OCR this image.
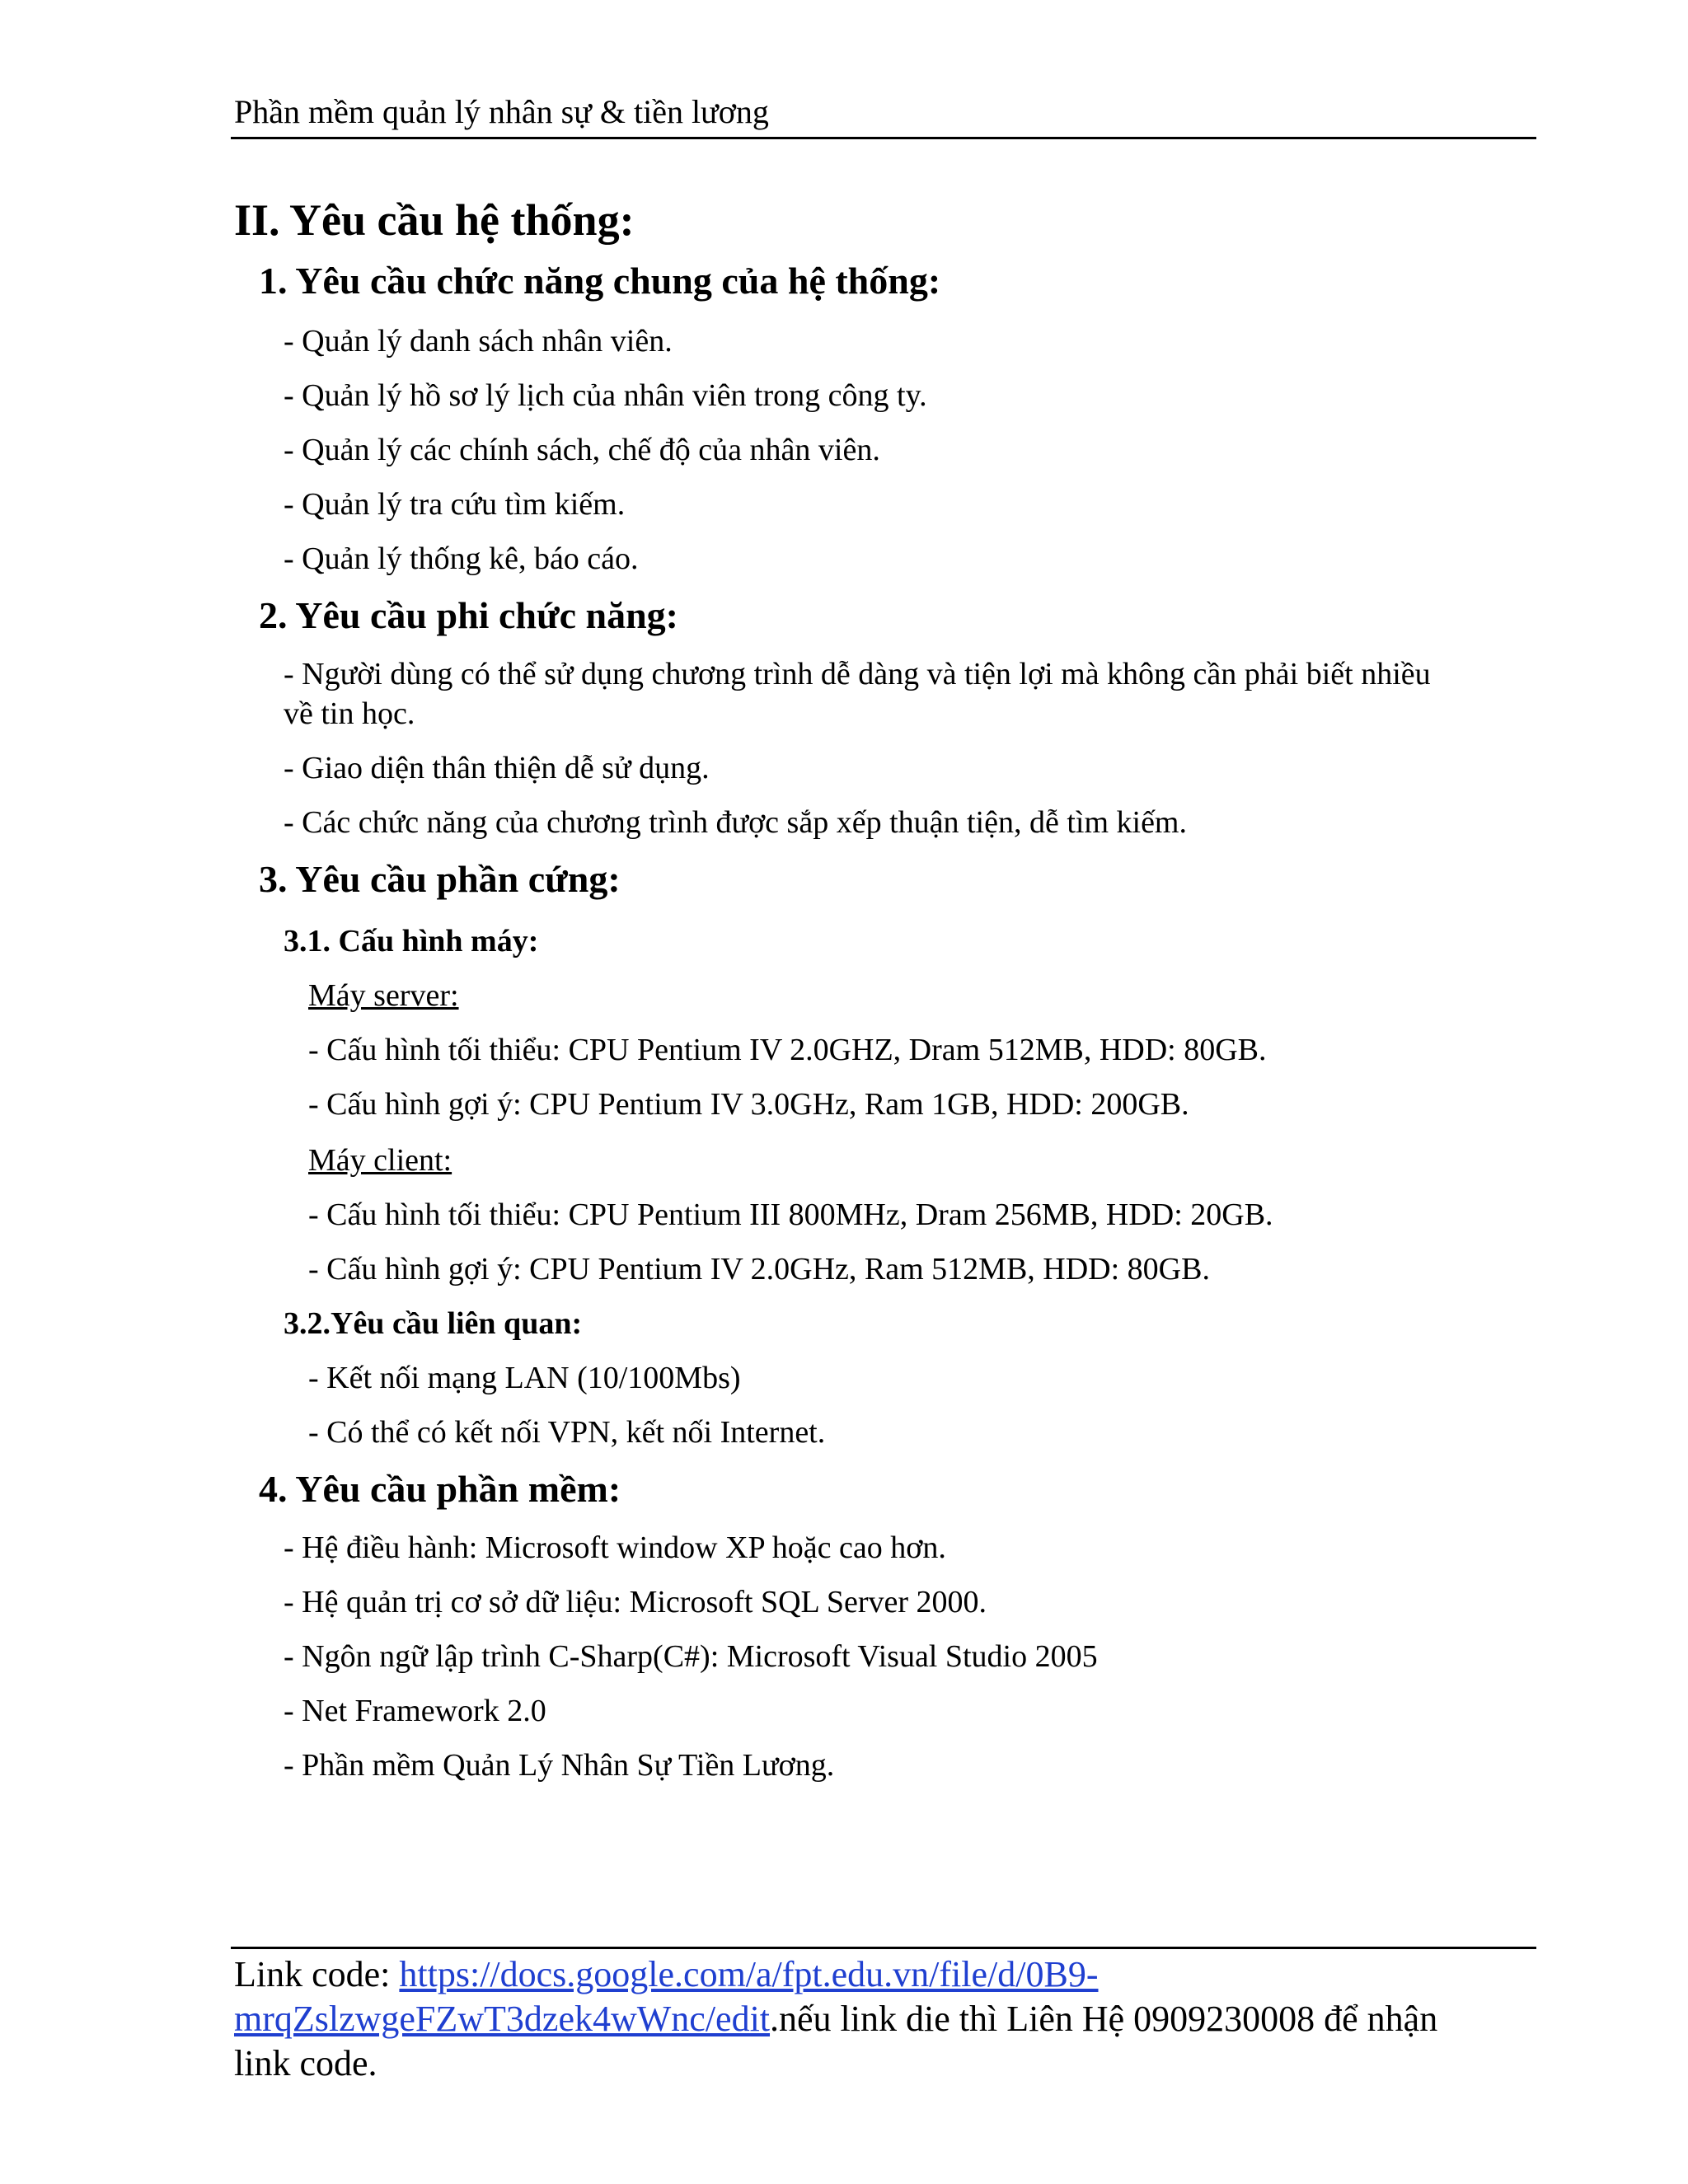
Phần mềm quản lý nhân sự & tiền lương
II. Yêu cầu hệ thống:
1. Yêu cầu chức năng chung của hệ thống:
- Quản lý danh sách nhân viên.
- Quản lý hồ sơ lý lịch của nhân viên trong công ty.
- Quản lý các chính sách, chế độ của nhân viên.
- Quản lý tra cứu tìm kiếm.
- Quản lý thống kê, báo cáo.
2. Yêu cầu phi chức năng:
- Người dùng có thể sử dụng chương trình dễ dàng và tiện lợi mà không cần phải biết nhiều
về tin học.
- Giao diện thân thiện dễ sử dụng.
- Các chức năng của chương trình được sắp xếp thuận tiện, dễ tìm kiếm.
3. Yêu cầu phần cứng:
3.1. Cấu hình máy:
Máy server:
- Cấu hình tối thiểu: CPU Pentium IV 2.0GHZ, Dram 512MB, HDD: 80GB.
- Cấu hình gợi ý: CPU Pentium IV 3.0GHz, Ram 1GB, HDD: 200GB.
Máy client:
- Cấu hình tối thiểu: CPU Pentium III 800MHz, Dram 256MB, HDD: 20GB.
- Cấu hình gợi ý: CPU Pentium IV 2.0GHz, Ram 512MB, HDD: 80GB.
3.2.Yêu cầu liên quan:
- Kết nối mạng LAN (10/100Mbs)
- Có thể có kết nối VPN, kết nối Internet.
4. Yêu cầu phần mềm:
- Hệ điều hành: Microsoft window XP hoặc cao hơn.
- Hệ quản trị cơ sở dữ liệu: Microsoft SQL Server 2000.
- Ngôn ngữ lập trình C-Sharp(C#): Microsoft Visual Studio 2005
- Net Framework 2.0
- Phần mềm Quản Lý Nhân Sự Tiền Lương.
Link code: https://docs.google.com/a/fpt.edu.vn/file/d/0B9-
mrqZslzwgeFZwT3dzek4wWnc/edit.nếu link die thì Liên Hệ 0909230008 để nhận
link code.
